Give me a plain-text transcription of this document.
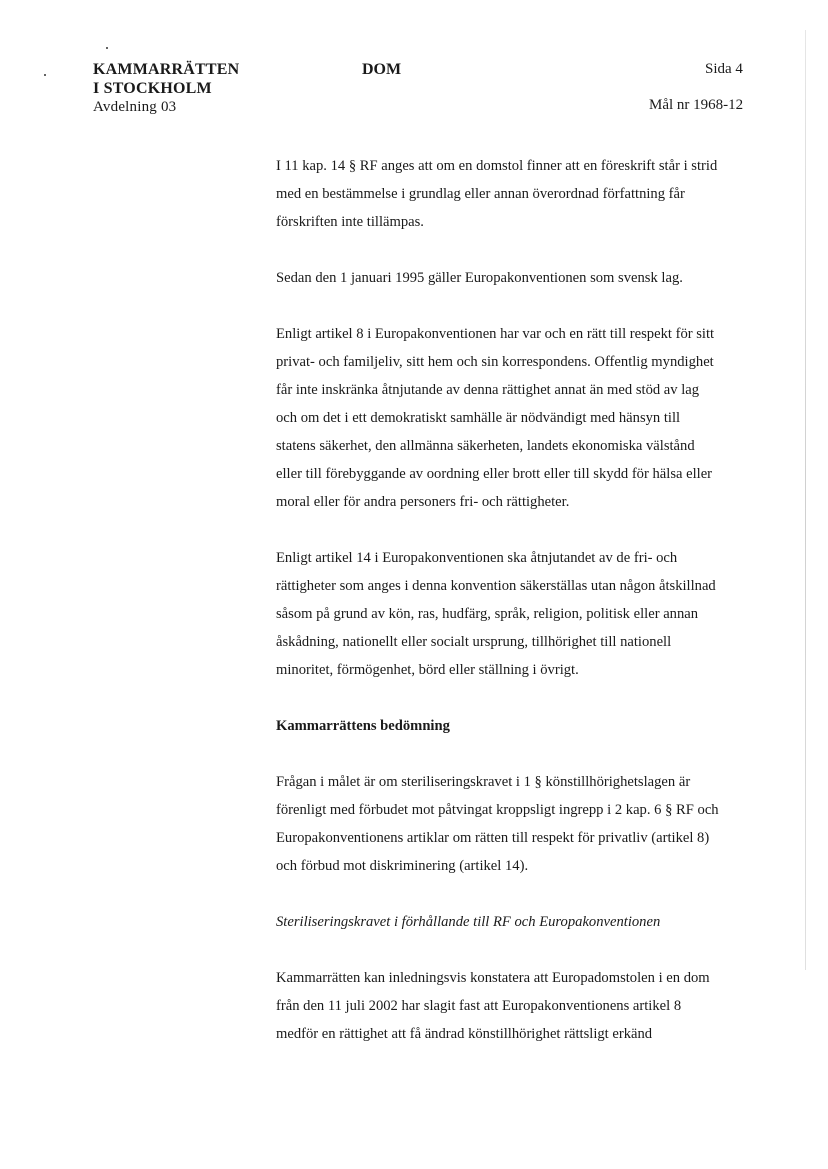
KAMMARRÄTTEN
I STOCKHOLM
Avdelning 03
DOM	Sida 4
Mål nr 1968-12

I 11 kap. 14 § RF anges att om en domstol finner att en föreskrift står i strid
med en bestämmelse i grundlag eller annan överordnad författning får
förskriften inte tillämpas.

Sedan den 1 januari 1995 gäller Europakonventionen som svensk lag.

Enligt artikel 8 i Europakonventionen har var och en rätt till respekt för sitt
privat- och familjeliv, sitt hem och sin korrespondens. Offentlig myndighet
får inte inskränka åtnjutande av denna rättighet annat än med stöd av lag
och om det i ett demokratiskt samhälle är nödvändigt med hänsyn till
statens säkerhet, den allmänna säkerheten, landets ekonomiska välstånd
eller till förebyggande av oordning eller brott eller till skydd för hälsa eller
moral eller för andra personers fri- och rättigheter.

Enligt artikel 14 i Europakonventionen ska åtnjutandet av de fri- och
rättigheter som anges i denna konvention säkerställas utan någon åtskillnad
såsom på grund av kön, ras, hudfärg, språk, religion, politisk eller annan
åskådning, nationellt eller socialt ursprung, tillhörighet till nationell
minoritet, förmögenhet, börd eller ställning i övrigt.

Kammarrättens bedömning

Frågan i målet är om steriliseringskravet i 1 § könstillhörighetslagen är
förenligt med förbudet mot påtvingat kroppsligt ingrepp i 2 kap. 6 § RF och
Europakonventionens artiklar om rätten till respekt för privatliv (artikel 8)
och förbud mot diskriminering (artikel 14).

Steriliseringskravet i förhållande till RF och Europakonventionen

Kammarrätten kan inledningsvis konstatera att Europadomstolen i en dom
från den 11 juli 2002 har slagit fast att Europakonventionens artikel 8
medför en rättighet att få ändrad könstillhörighet rättsligt erkänd
